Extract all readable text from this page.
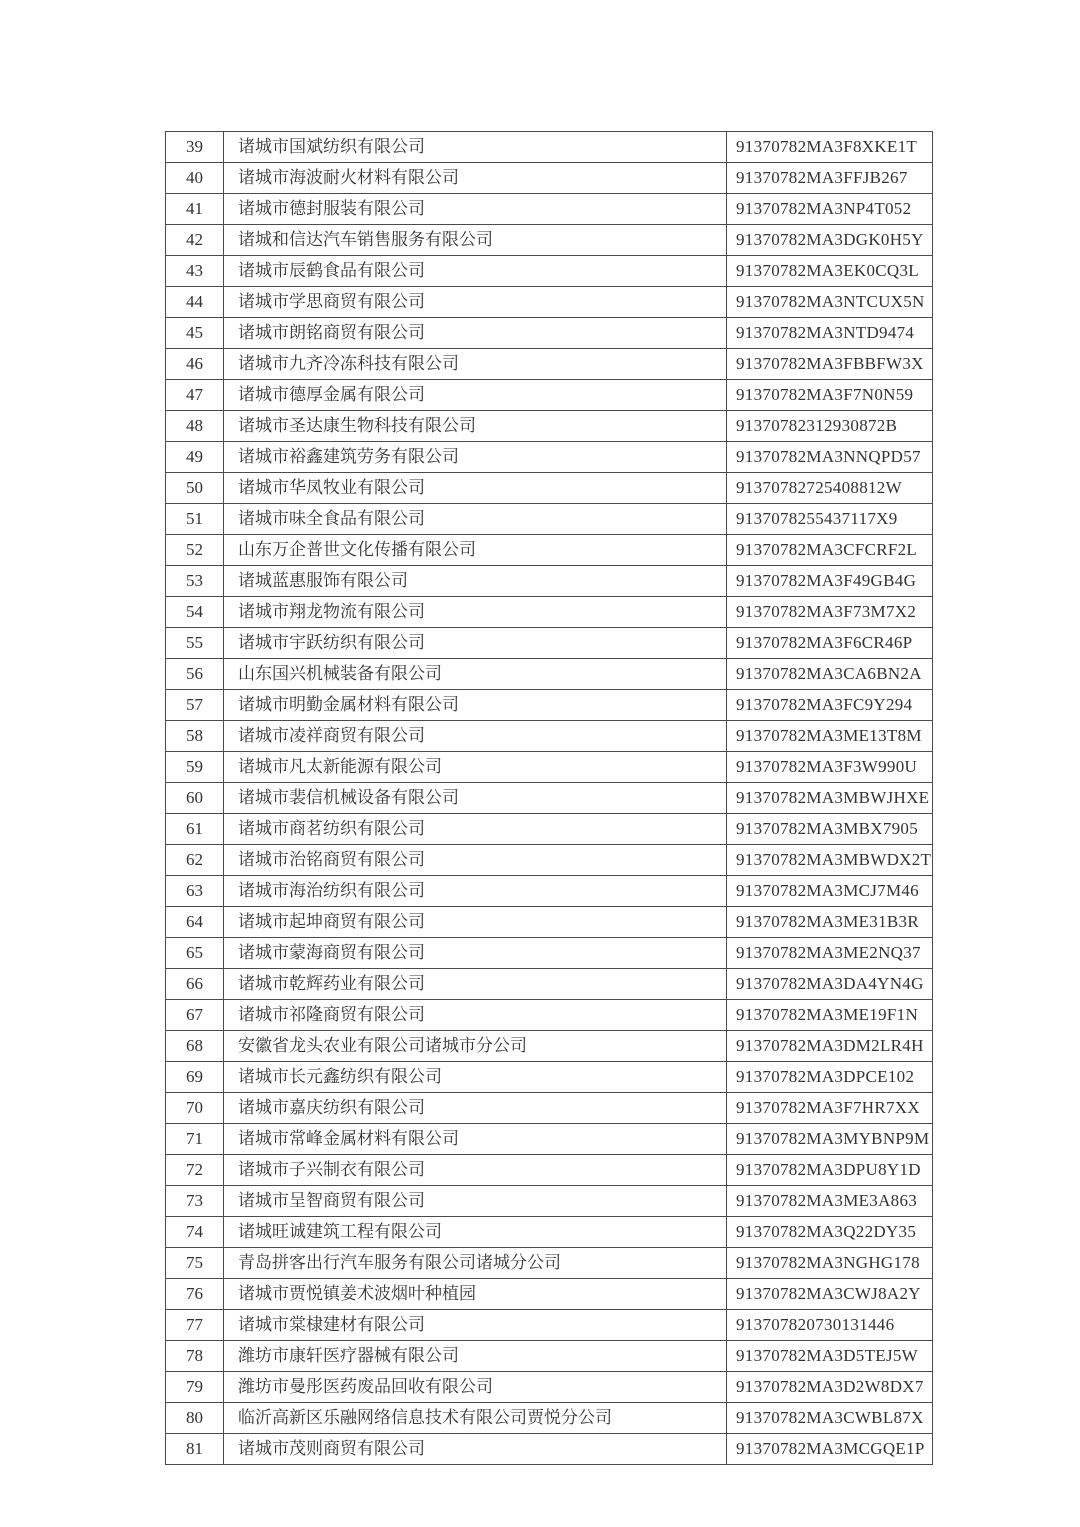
39	诸城市国斌纺织有限公司	91370782MA3F8XKE1T
40	诸城市海波耐火材料有限公司	91370782MA3FFJB267
41	诸城市德封服装有限公司	91370782MA3NP4T052
42	诸城和信达汽车销售服务有限公司	91370782MA3DGK0H5Y
43	诸城市辰鹤食品有限公司	91370782MA3EK0CQ3L
44	诸城市学思商贸有限公司	91370782MA3NTCUX5N
45	诸城市朗铭商贸有限公司	91370782MA3NTD9474
46	诸城市九齐冷冻科技有限公司	91370782MA3FBBFW3X
47	诸城市德厚金属有限公司	91370782MA3F7N0N59
48	诸城市圣达康生物科技有限公司	91370782312930872B
49	诸城市裕鑫建筑劳务有限公司	91370782MA3NNQPD57
50	诸城市华凤牧业有限公司	91370782725408812W
51	诸城市味全食品有限公司	9137078255437117X9
52	山东万企普世文化传播有限公司	91370782MA3CFCRF2L
53	诸城蓝惠服饰有限公司	91370782MA3F49GB4G
54	诸城市翔龙物流有限公司	91370782MA3F73M7X2
55	诸城市宇跃纺织有限公司	91370782MA3F6CR46P
56	山东国兴机械装备有限公司	91370782MA3CA6BN2A
57	诸城市明勤金属材料有限公司	91370782MA3FC9Y294
58	诸城市凌祥商贸有限公司	91370782MA3ME13T8M
59	诸城市凡太新能源有限公司	91370782MA3F3W990U
60	诸城市裴信机械设备有限公司	91370782MA3MBWJHXE
61	诸城市商茗纺织有限公司	91370782MA3MBX7905
62	诸城市治铭商贸有限公司	91370782MA3MBWDX2T
63	诸城市海治纺织有限公司	91370782MA3MCJ7M46
64	诸城市起坤商贸有限公司	91370782MA3ME31B3R
65	诸城市蒙海商贸有限公司	91370782MA3ME2NQ37
66	诸城市乾辉药业有限公司	91370782MA3DA4YN4G
67	诸城市祁隆商贸有限公司	91370782MA3ME19F1N
68	安徽省龙头农业有限公司诸城市分公司	91370782MA3DM2LR4H
69	诸城市长元鑫纺织有限公司	91370782MA3DPCE102
70	诸城市嘉庆纺织有限公司	91370782MA3F7HR7XX
71	诸城市常峰金属材料有限公司	91370782MA3MYBNP9M
72	诸城市子兴制衣有限公司	91370782MA3DPU8Y1D
73	诸城市呈智商贸有限公司	91370782MA3ME3A863
74	诸城旺诚建筑工程有限公司	91370782MA3Q22DY35
75	青岛拼客出行汽车服务有限公司诸城分公司	91370782MA3NGHG178
76	诸城市贾悦镇姜术波烟叶种植园	91370782MA3CWJ8A2Y
77	诸城市棠棣建材有限公司	913707820730131446
78	潍坊市康轩医疗器械有限公司	91370782MA3D5TEJ5W
79	潍坊市曼彤医药废品回收有限公司	91370782MA3D2W8DX7
80	临沂高新区乐融网络信息技术有限公司贾悦分公司	91370782MA3CWBL87X
81	诸城市茂则商贸有限公司	91370782MA3MCGQE1P
